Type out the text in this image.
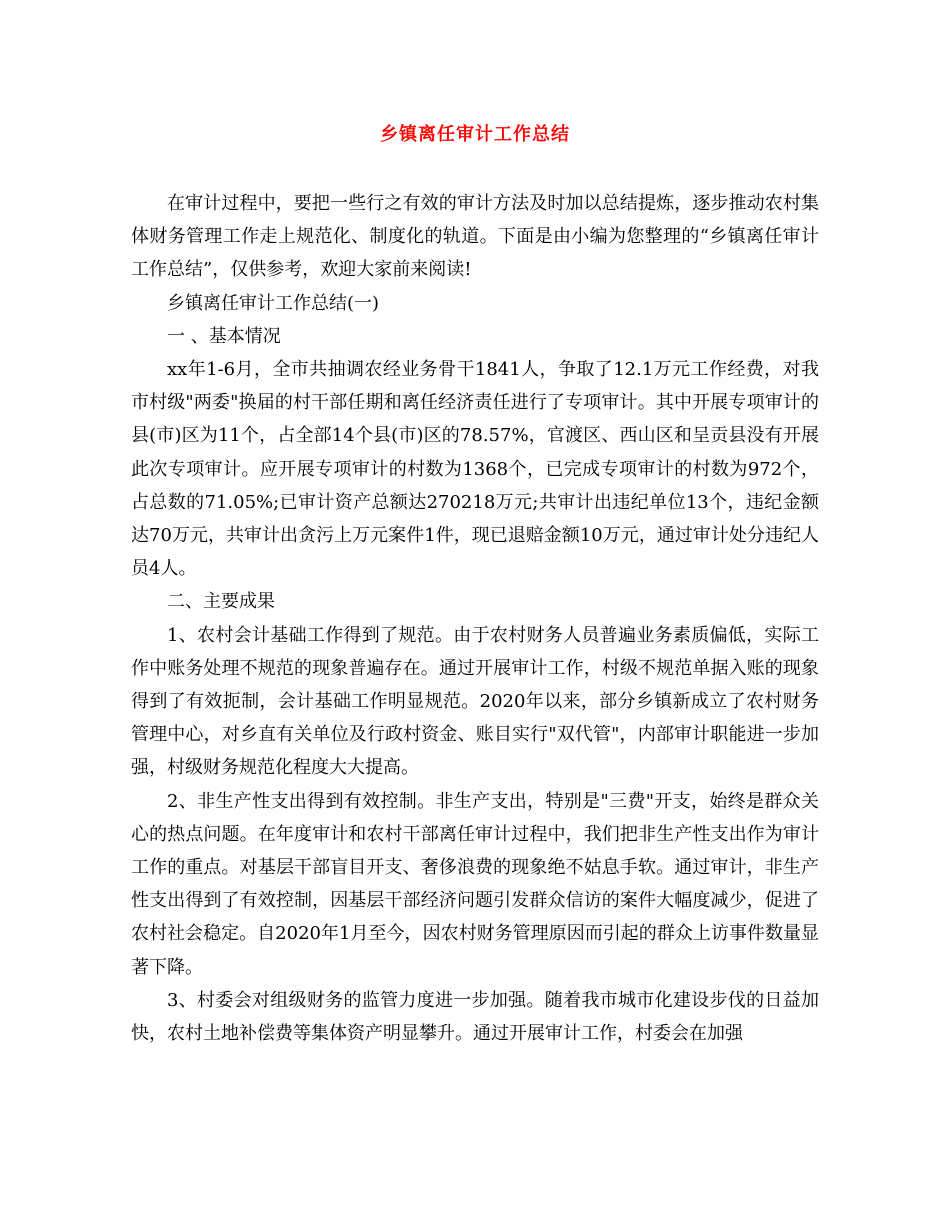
乡镇离任审计工作总结

在审计过程中，要把一些行之有效的审计方法及时加以总结提炼，逐步推动农村集体财务管理工作走上规范化、制度化的轨道。下面是由小编为您整理的“乡镇离任审计工作总结”，仅供参考，欢迎大家前来阅读!

乡镇离任审计工作总结(一)

一 、基本情况

xx年1-6月，全市共抽调农经业务骨干1841人，争取了12.1万元工作经费，对我市村级"两委"换届的村干部任期和离任经济责任进行了专项审计。其中开展专项审计的县(市)区为11个，占全部14个县(市)区的78.57%，官渡区、西山区和呈贡县没有开展此次专项审计。应开展专项审计的村数为1368个，已完成专项审计的村数为972个，占总数的71.05%;已审计资产总额达270218万元;共审计出违纪单位13个，违纪金额达70万元，共审计出贪污上万元案件1件，现已退赔金额10万元，通过审计处分违纪人员4人。

二、主要成果

1、农村会计基础工作得到了规范。由于农村财务人员普遍业务素质偏低，实际工作中账务处理不规范的现象普遍存在。通过开展审计工作，村级不规范单据入账的现象得到了有效扼制，会计基础工作明显规范。2020年以来，部分乡镇新成立了农村财务管理中心，对乡直有关单位及行政村资金、账目实行"双代管"，内部审计职能进一步加强，村级财务规范化程度大大提高。

2、非生产性支出得到有效控制。非生产支出，特别是"三费"开支，始终是群众关心的热点问题。在年度审计和农村干部离任审计过程中，我们把非生产性支出作为审计工作的重点。对基层干部盲目开支、奢侈浪费的现象绝不姑息手软。通过审计，非生产性支出得到了有效控制，因基层干部经济问题引发群众信访的案件大幅度减少，促进了农村社会稳定。自2020年1月至今，因农村财务管理原因而引起的群众上访事件数量显著下降。

3、村委会对组级财务的监管力度进一步加强。随着我市城市化建设步伐的日益加快，农村土地补偿费等集体资产明显攀升。通过开展审计工作，村委会在加强
